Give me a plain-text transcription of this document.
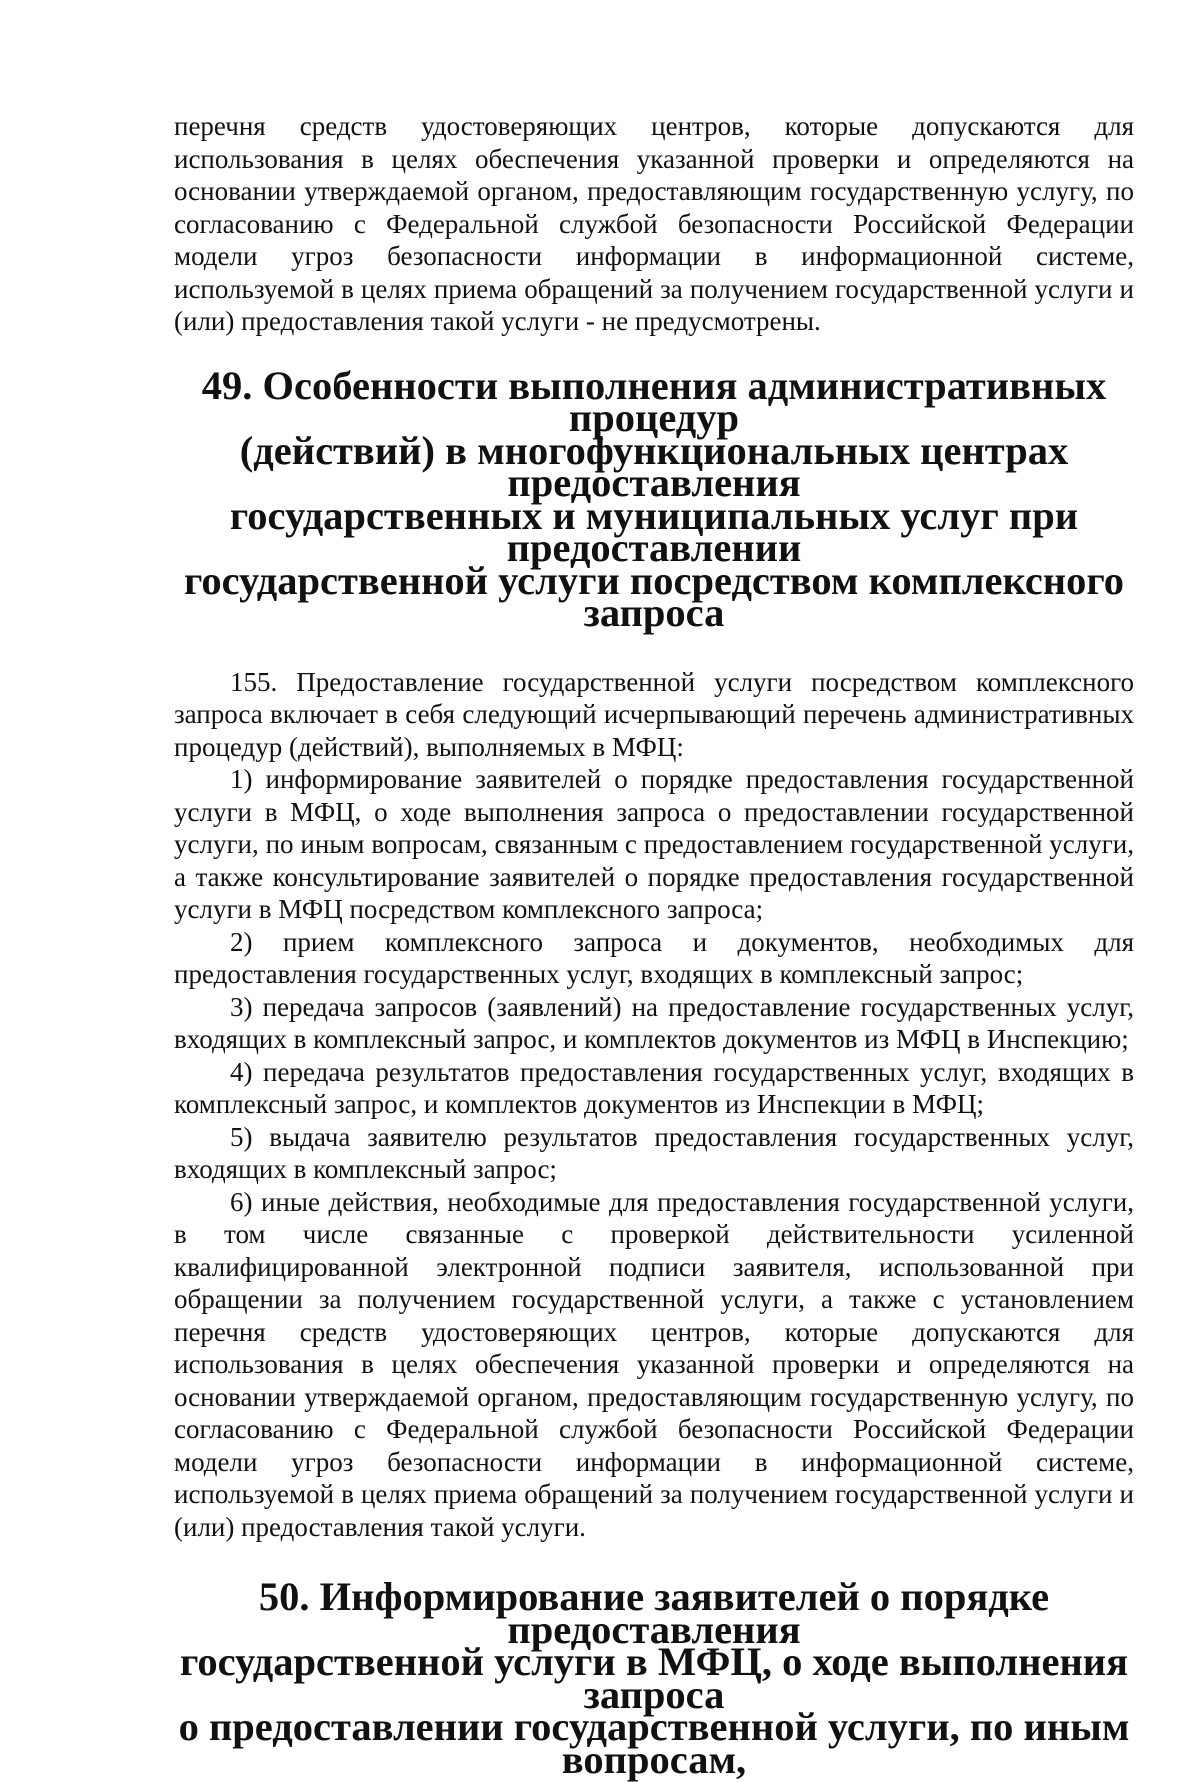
перечня средств удостоверяющих центров, которые допускаются для использования в целях обеспечения указанной проверки и определяются на основании утверждаемой органом, предоставляющим государственную услугу, по согласованию с Федеральной службой безопасности Российской Федерации модели угроз безопасности информации в информационной системе, используемой в целях приема обращений за получением государственной услуги и (или) предоставления такой услуги - не предусмотрены.

49. Особенности выполнения административных процедур
(действий) в многофункциональных центрах предоставления
государственных и муниципальных услуг при предоставлении
государственной услуги посредством комплексного запроса

155. Предоставление государственной услуги посредством комплексного запроса включает в себя следующий исчерпывающий перечень административных процедур (действий), выполняемых в МФЦ:

1) информирование заявителей о порядке предоставления государственной услуги в МФЦ, о ходе выполнения запроса о предоставлении государственной услуги, по иным вопросам, связанным с предоставлением государственной услуги, а также консультирование заявителей о порядке предоставления государственной услуги в МФЦ посредством комплексного запроса;

2) прием комплексного запроса и документов, необходимых для предоставления государственных услуг, входящих в комплексный запрос;

3) передача запросов (заявлений) на предоставление государственных услуг, входящих в комплексный запрос, и комплектов документов из МФЦ в Инспекцию;

4) передача результатов предоставления государственных услуг, входящих в комплексный запрос, и комплектов документов из Инспекции в МФЦ;

5) выдача заявителю результатов предоставления государственных услуг, входящих в комплексный запрос;

6) иные действия, необходимые для предоставления государственной услуги, в том числе связанные с проверкой действительности усиленной квалифицированной электронной подписи заявителя, использованной при обращении за получением государственной услуги, а также с установлением перечня средств удостоверяющих центров, которые допускаются для использования в целях обеспечения указанной проверки и определяются на основании утверждаемой органом, предоставляющим государственную услугу, по согласованию с Федеральной службой безопасности Российской Федерации модели угроз безопасности информации в информационной системе, используемой в целях приема обращений за получением государственной услуги и (или) предоставления такой услуги.

50. Информирование заявителей о порядке предоставления
государственной услуги в МФЦ, о ходе выполнения запроса
о предоставлении государственной услуги, по иным вопросам,
